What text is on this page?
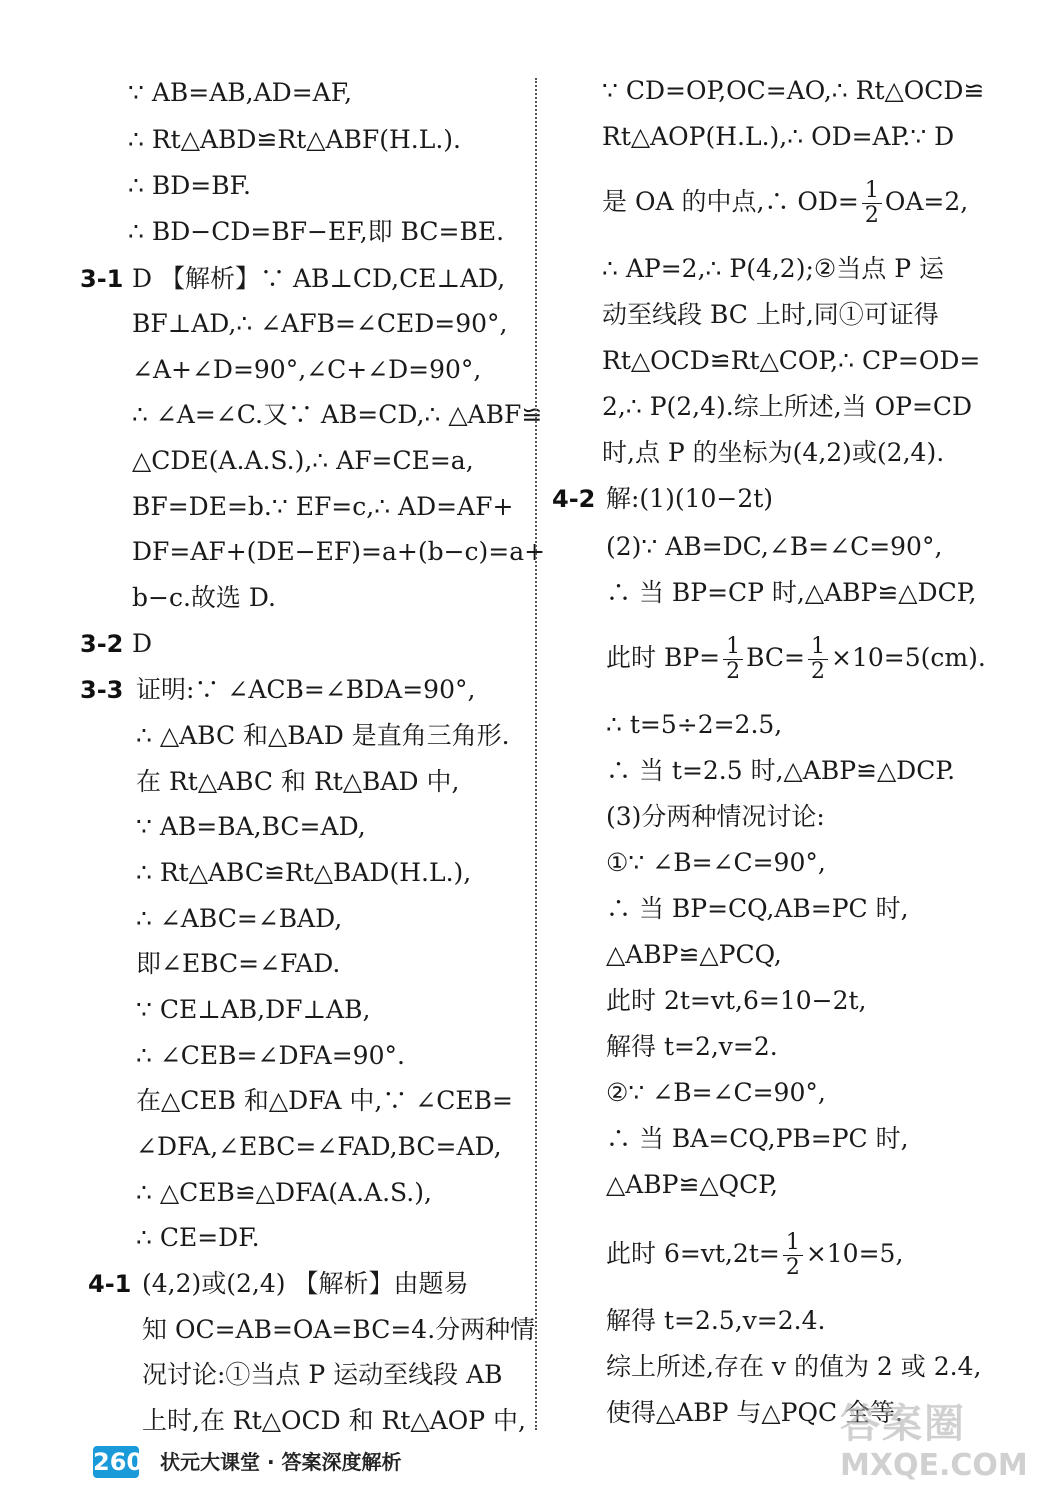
∵ AB=AB,AD=AF,
∴ Rt△ABD≌Rt△ABF(H.L.).
∴ BD=BF.
∴ BD−CD=BF−EF,即 BC=BE.
3-1 D 【解析】∵ AB⊥CD,CE⊥AD,
BF⊥AD,∴ ∠AFB=∠CED=90°,
∠A+∠D=90°,∠C+∠D=90°,
∴ ∠A=∠C.又∵ AB=CD,∴ △ABF≌
△CDE(A.A.S.),∴ AF=CE=a,
BF=DE=b.∵ EF=c,∴ AD=AF+
DF=AF+(DE−EF)=a+(b−c)=a+
b−c.故选 D.
3-2 D
3-3 证明:∵ ∠ACB=∠BDA=90°,
∴ △ABC 和△BAD 是直角三角形.
在 Rt△ABC 和 Rt△BAD 中,
∵ AB=BA,BC=AD,
∴ Rt△ABC≌Rt△BAD(H.L.),
∴ ∠ABC=∠BAD,
即∠EBC=∠FAD.
∵ CE⊥AB,DF⊥AB,
∴ ∠CEB=∠DFA=90°.
在△CEB 和△DFA 中,∵ ∠CEB=
∠DFA,∠EBC=∠FAD,BC=AD,
∴ △CEB≌△DFA(A.A.S.),
∴ CE=DF.
4-1 (4,2)或(2,4) 【解析】由题易
知 OC=AB=OA=BC=4.分两种情
况讨论:①当点 P 运动至线段 AB
上时,在 Rt△OCD 和 Rt△AOP 中,
∵ CD=OP,OC=AO,∴ Rt△OCD≌
Rt△AOP(H.L.),∴ OD=AP.∵ D
是 OA 的中点,∴ $OD= \frac{1}{2} OA=2$,
∴ AP=2,∴ P(4,2);②当点 P 运
动至线段 BC 上时,同①可证得
Rt△OCD≌Rt△COP,∴ CP=OD=
2,∴ P(2,4).综上所述,当 OP=CD
时,点 P 的坐标为(4,2)或(2,4).
4-2 解:(1)(10−2t)
(2)∵ AB=DC,∠B=∠C=90°,
∴ 当 BP=CP 时,△ABP≌△DCP,
此时 $BP= \frac{1}{2} BC= \frac{1}{2} \times 10=5(cm)$.
∴ t=5÷2=2.5,
∴ 当 t=2.5 时,△ABP≌△DCP.
(3)分两种情况讨论:
①∵ ∠B=∠C=90°,
∴ 当 BP=CQ,AB=PC 时,
△ABP≌△PCQ,
此时 2t=vt,6=10−2t,
解得 t=2,v=2.
②∵ ∠B=∠C=90°,
∴ 当 BA=CQ,PB=PC 时,
△ABP≌△QCP,
此时 $6=vt,2t= \frac{1}{2} \times 10=5$,
解得 t=2.5,v=2.4.
综上所述,存在 v 的值为 2 或 2.4,
使得△ABP 与△PQC 全等.
260 状元大课堂 · 答案深度解析
答案圈
MXQE.COM
